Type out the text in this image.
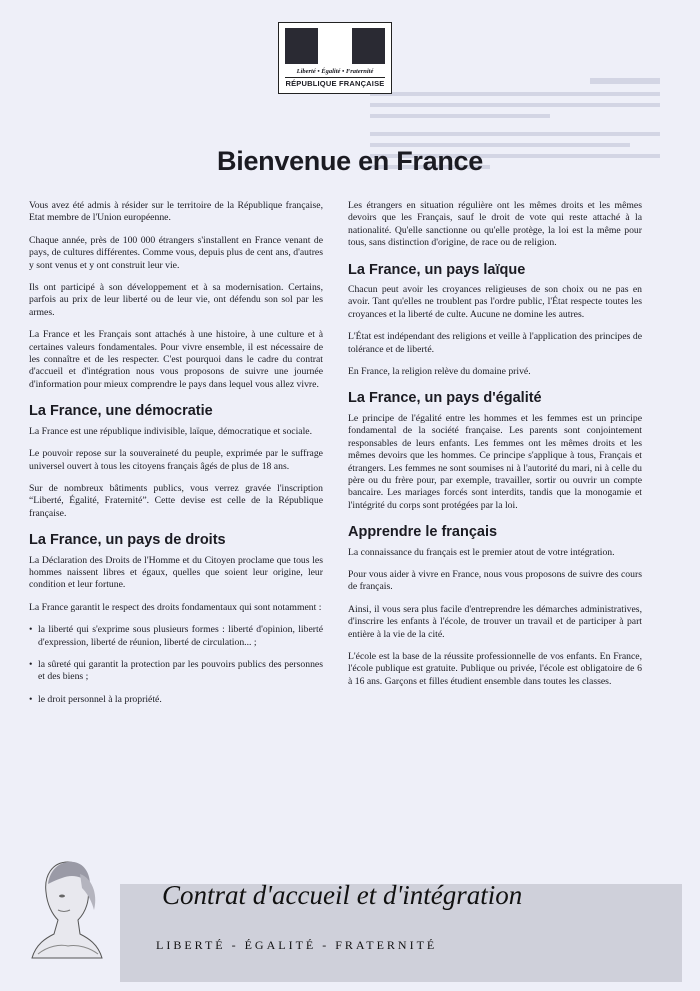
Liberté • Égalité • Fraternité
RÉPUBLIQUE FRANÇAISE
Bienvenue en France

Vous avez été admis à résider sur le territoire de la République française, Etat membre de l'Union européenne.

Chaque année, près de 100 000 étrangers s'installent en France venant de pays, de cultures différentes. Comme vous, depuis plus de cent ans, d'autres y sont venus et y ont construit leur vie.

Ils ont participé à son développement et à sa modernisation. Certains, parfois au prix de leur liberté ou de leur vie, ont défendu son sol par les armes.

La France et les Français sont attachés à une histoire, à une culture et à certaines valeurs fondamentales. Pour vivre ensemble, il est nécessaire de les connaître et de les respecter. C'est pourquoi dans le cadre du contrat d'accueil et d'intégration nous vous proposons de suivre une journée d'information pour mieux comprendre le pays dans lequel vous allez vivre.

La France, une démocratie

La France est une république indivisible, laïque, démocratique et sociale.

Le pouvoir repose sur la souveraineté du peuple, exprimée par le suffrage universel ouvert à tous les citoyens français âgés de plus de 18 ans.

Sur de nombreux bâtiments publics, vous verrez gravée l'inscription “Liberté, Égalité, Fraternité”. Cette devise est celle de la République française.

La France, un pays de droits

La Déclaration des Droits de l'Homme et du Citoyen proclame que tous les hommes naissent libres et égaux, quelles que soient leur origine, leur condition et leur fortune.

La France garantit le respect des droits fondamentaux qui sont notamment :

• la liberté qui s'exprime sous plusieurs formes : liberté d'opinion, liberté d'expression, liberté de réunion, liberté de circulation... ;
• la sûreté qui garantit la protection par les pouvoirs publics des personnes et des biens ;
• le droit personnel à la propriété.

Les étrangers en situation régulière ont les mêmes droits et les mêmes devoirs que les Français, sauf le droit de vote qui reste attaché à la nationalité. Qu'elle sanctionne ou qu'elle protège, la loi est la même pour tous, sans distinction d'origine, de race ou de religion.

La France, un pays laïque

Chacun peut avoir les croyances religieuses de son choix ou ne pas en avoir. Tant qu'elles ne troublent pas l'ordre public, l'État respecte toutes les croyances et la liberté de culte. Aucune ne domine les autres.

L'État est indépendant des religions et veille à l'application des principes de tolérance et de liberté.

En France, la religion relève du domaine privé.

La France, un pays d'égalité

Le principe de l'égalité entre les hommes et les femmes est un principe fondamental de la société française. Les parents sont conjointement responsables de leurs enfants. Les femmes ont les mêmes droits et les mêmes devoirs que les hommes. Ce principe s'applique à tous, Français et étrangers. Les femmes ne sont soumises ni à l'autorité du mari, ni à celle du père ou du frère pour, par exemple, travailler, sortir ou ouvrir un compte bancaire. Les mariages forcés sont interdits, tandis que la monogamie et l'intégrité du corps sont protégées par la loi.

Apprendre le français

La connaissance du français est le premier atout de votre intégration.

Pour vous aider à vivre en France, nous vous proposons de suivre des cours de français.

Ainsi, il vous sera plus facile d'entreprendre les démarches administratives, d'inscrire les enfants à l'école, de trouver un travail et de participer à part entière à la vie de la cité.

L'école est la base de la réussite professionnelle de vos enfants. En France, l'école publique est gratuite. Publique ou privée, l'école est obligatoire de 6 à 16 ans. Garçons et filles étudient ensemble dans toutes les classes.

Contrat d'accueil et d'intégration
LIBERTÉ - ÉGALITÉ - FRATERNITÉ
